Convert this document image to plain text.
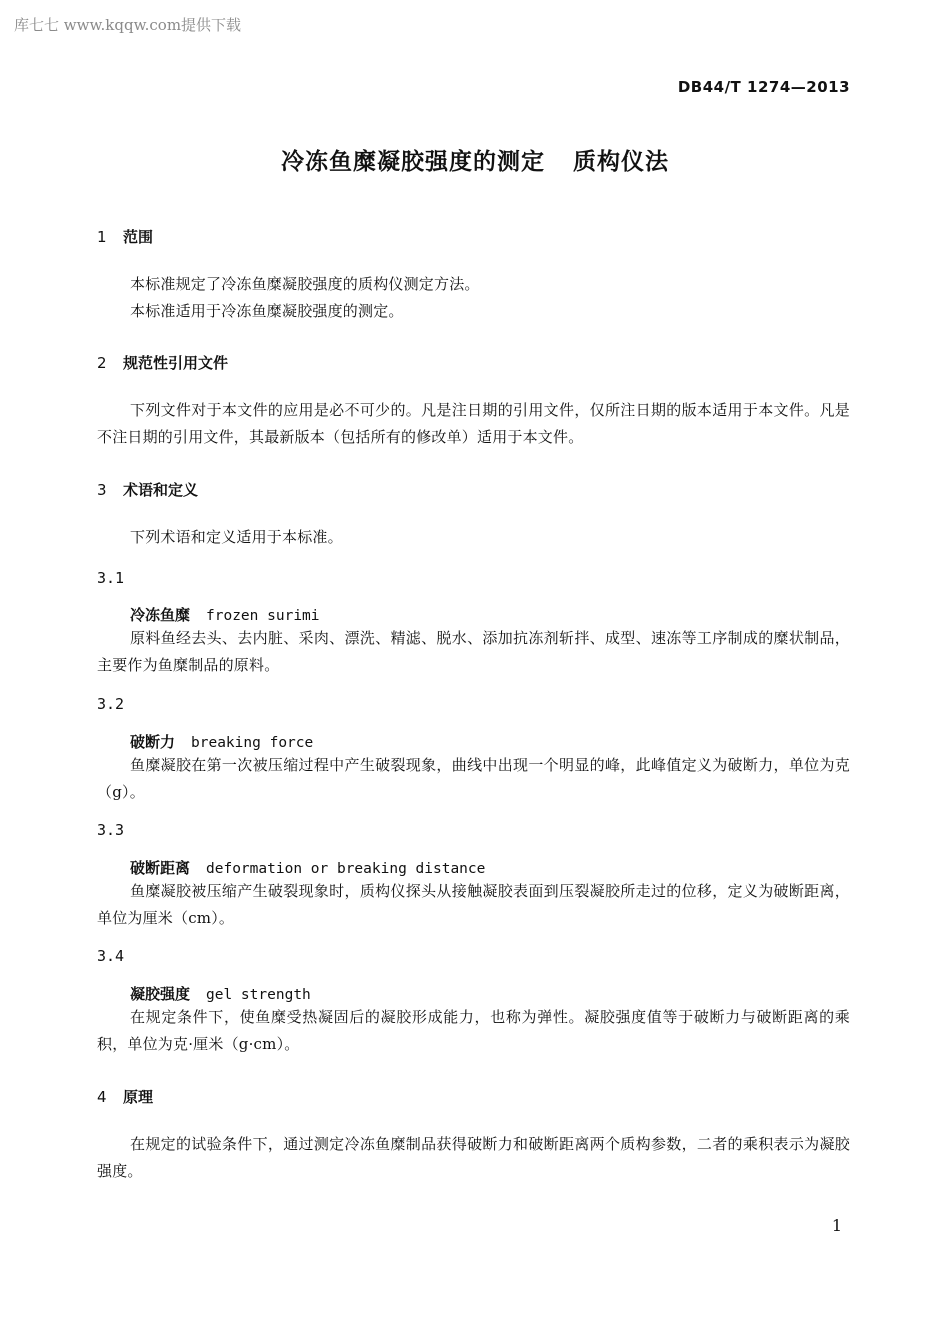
库七七 www.kqqw.com提供下载
DB44/T 1274—2013
冷冻鱼糜凝胶强度的测定 质构仪法
1 范围
本标准规定了冷冻鱼糜凝胶强度的质构仪测定方法。
本标准适用于冷冻鱼糜凝胶强度的测定。
2 规范性引用文件
下列文件对于本文件的应用是必不可少的。凡是注日期的引用文件，仅所注日期的版本适用于本文件。凡是不注日期的引用文件，其最新版本（包括所有的修改单）适用于本文件。
3 术语和定义
下列术语和定义适用于本标准。
3.1
冷冻鱼糜 frozen surimi
原料鱼经去头、去内脏、采肉、漂洗、精滤、脱水、添加抗冻剂斩拌、成型、速冻等工序制成的糜状制品，主要作为鱼糜制品的原料。
3.2
破断力 breaking force
鱼糜凝胶在第一次被压缩过程中产生破裂现象，曲线中出现一个明显的峰，此峰值定义为破断力，单位为克（g）。
3.3
破断距离 deformation or breaking distance
鱼糜凝胶被压缩产生破裂现象时，质构仪探头从接触凝胶表面到压裂凝胶所走过的位移，定义为破断距离，单位为厘米（cm）。
3.4
凝胶强度 gel strength
在规定条件下，使鱼糜受热凝固后的凝胶形成能力，也称为弹性。凝胶强度值等于破断力与破断距离的乘积，单位为克·厘米（g·cm）。
4 原理
在规定的试验条件下，通过测定冷冻鱼糜制品获得破断力和破断距离两个质构参数，二者的乘积表示为凝胶强度。
1
